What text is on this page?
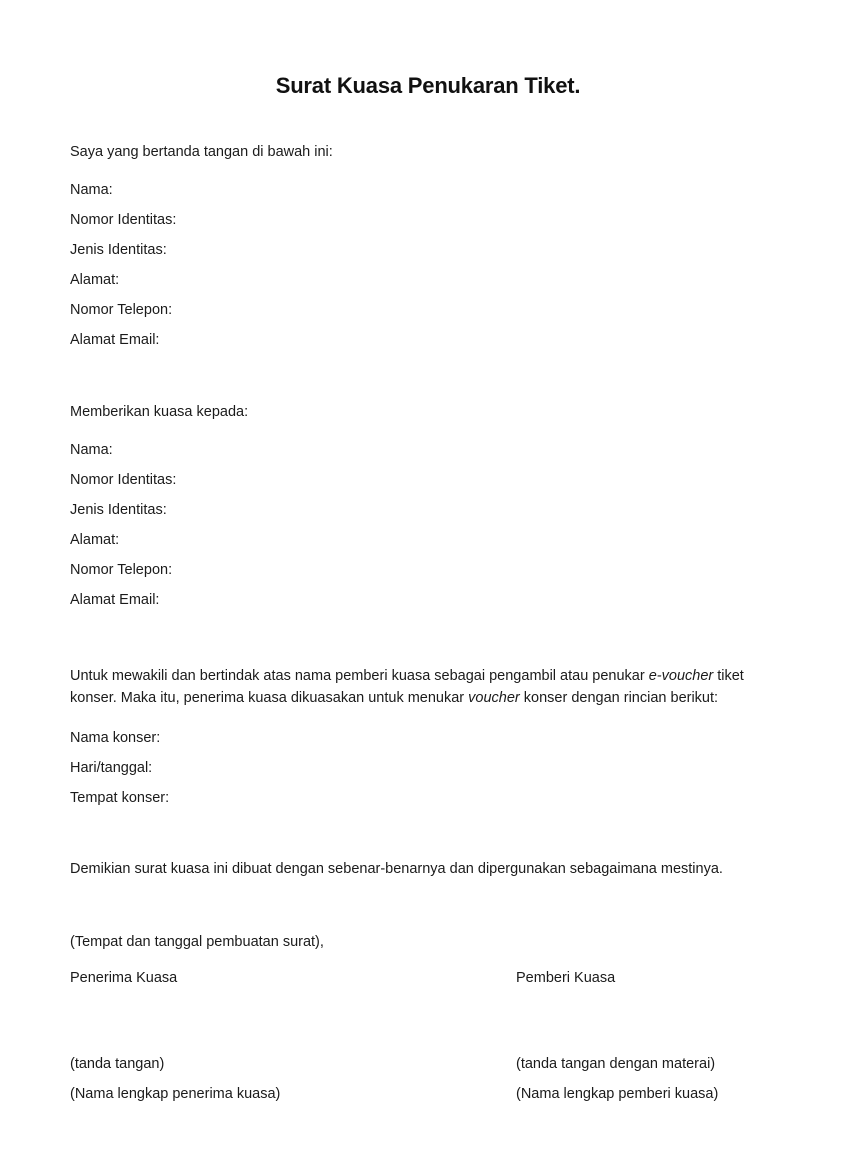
Surat Kuasa Penukaran Tiket.

Saya yang bertanda tangan di bawah ini:

Nama:
Nomor Identitas:
Jenis Identitas:
Alamat:
Nomor Telepon:
Alamat Email:

Memberikan kuasa kepada:

Nama:
Nomor Identitas:
Jenis Identitas:
Alamat:
Nomor Telepon:
Alamat Email:

Untuk mewakili dan bertindak atas nama pemberi kuasa sebagai pengambil atau penukar e-voucher tiket konser. Maka itu, penerima kuasa dikuasakan untuk menukar voucher konser dengan rincian berikut:

Nama konser:
Hari/tanggal:
Tempat konser:

Demikian surat kuasa ini dibuat dengan sebenar-benarnya dan dipergunakan sebagaimana mestinya.

(Tempat dan tanggal pembuatan surat),

Penerima Kuasa

(tanda tangan)

(Nama lengkap penerima kuasa)

Pemberi Kuasa

(tanda tangan dengan materai)

(Nama lengkap pemberi kuasa)
